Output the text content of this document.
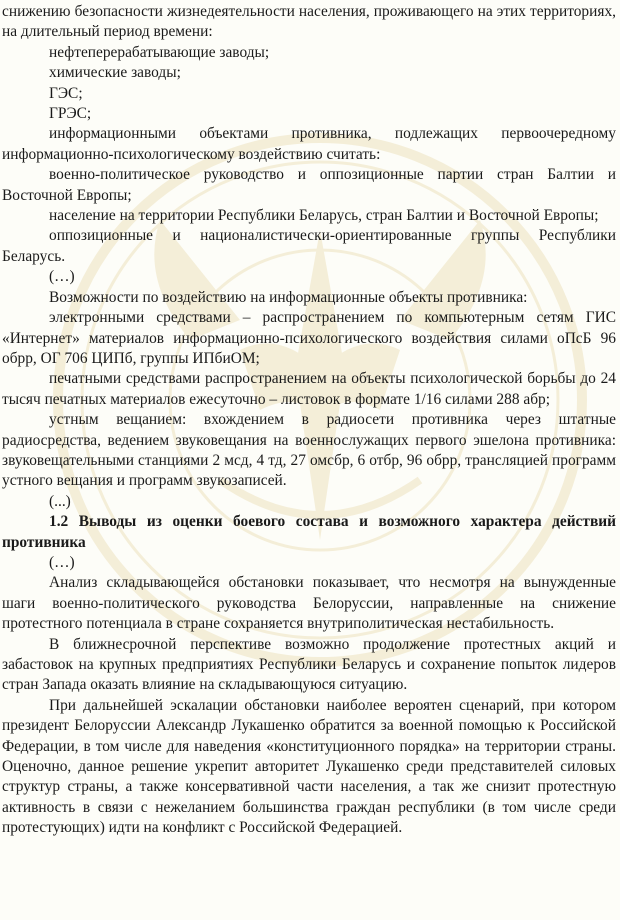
снижению безопасности жизнедеятельности населения, проживающего на этих территориях, на длительный период времени:

нефтеперерабатывающие заводы;

химические заводы;

ГЭС;

ГРЭС;

информационными объектами противника, подлежащих первоочередному информационно-психологическому воздействию считать:

военно-политическое руководство и оппозиционные партии стран Балтии и Восточной Европы;

население на территории Республики Беларусь, стран Балтии и Восточной Европы;

оппозиционные и националистически-ориентированные группы Республики Беларусь.

(…)

Возможности по воздействию на информационные объекты противника:

электронными средствами – распространением по компьютерным сетям ГИС «Интернет» материалов информационно-психологического воздействия силами оПсБ 96 обрр, ОГ 706 ЦИПб, группы ИПбиОМ;

печатными средствами распространением на объекты психологической борьбы до 24 тысяч печатных материалов ежесуточно – листовок в формате 1/16 силами 288 абр;

устным вещанием: вхождением в радиосети противника через штатные радиосредства, ведением звуковещания на военнослужащих первого эшелона противника: звуковещательными станциями 2 мсд, 4 тд, 27 омсбр, 6 отбр, 96 обрр, трансляцией программ устного вещания и программ звукозаписей.

(...)

1.2 Выводы из оценки боевого состава и возможного характера действий противника

(…)

Анализ складывающейся обстановки показывает, что несмотря на вынужденные шаги военно-политического руководства Белоруссии, направленные на снижение протестного потенциала в стране сохраняется внутриполитическая нестабильность.

В ближнесрочной перспективе возможно продолжение протестных акций и забастовок на крупных предприятиях Республики Беларусь и сохранение попыток лидеров стран Запада оказать влияние на складывающуюся ситуацию.

При дальнейшей эскалации обстановки наиболее вероятен сценарий, при котором президент Белоруссии Александр Лукашенко обратится за военной помощью к Российской Федерации, в том числе для наведения «конституционного порядка» на территории страны. Оценочно, данное решение укрепит авторитет Лукашенко среди представителей силовых структур страны, а также консервативной части населения, а так же снизит протестную активность в связи с нежеланием большинства граждан республики (в том числе среди протестующих) идти на конфликт с Российской Федерацией.
